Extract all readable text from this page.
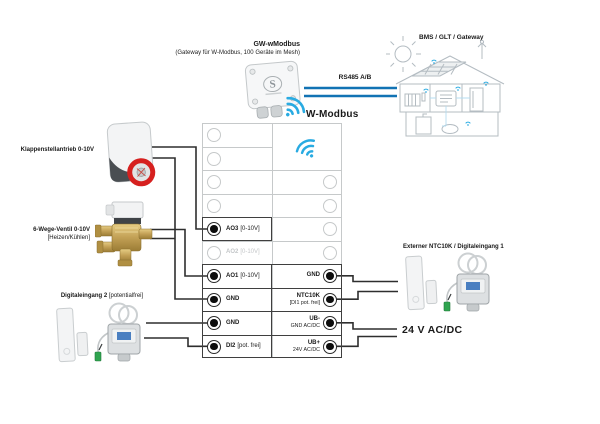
AO3 [0-10V]
AO2 [0-10V]
AO1 [0-10V]
GND
GND
DI2 [pot. frei]
GND
NTC10K
[DI1 pot. frei]
UB-
GND AC/DC
UB+
24V AC/DC
GW-wModbus
(Gateway für W-Modbus, 100 Geräte im Mesh)
RS485 A/B
W-Modbus
BMS / GLT / Gateway
Klappenstellantrieb 0-10V
6-Wege-Ventil 0-10V
[Heizen/Kühlen]
Digitaleingang 2 [potentialfrei]
Externer NTC10K / Digitaleingang 1
24 V AC/DC
S
